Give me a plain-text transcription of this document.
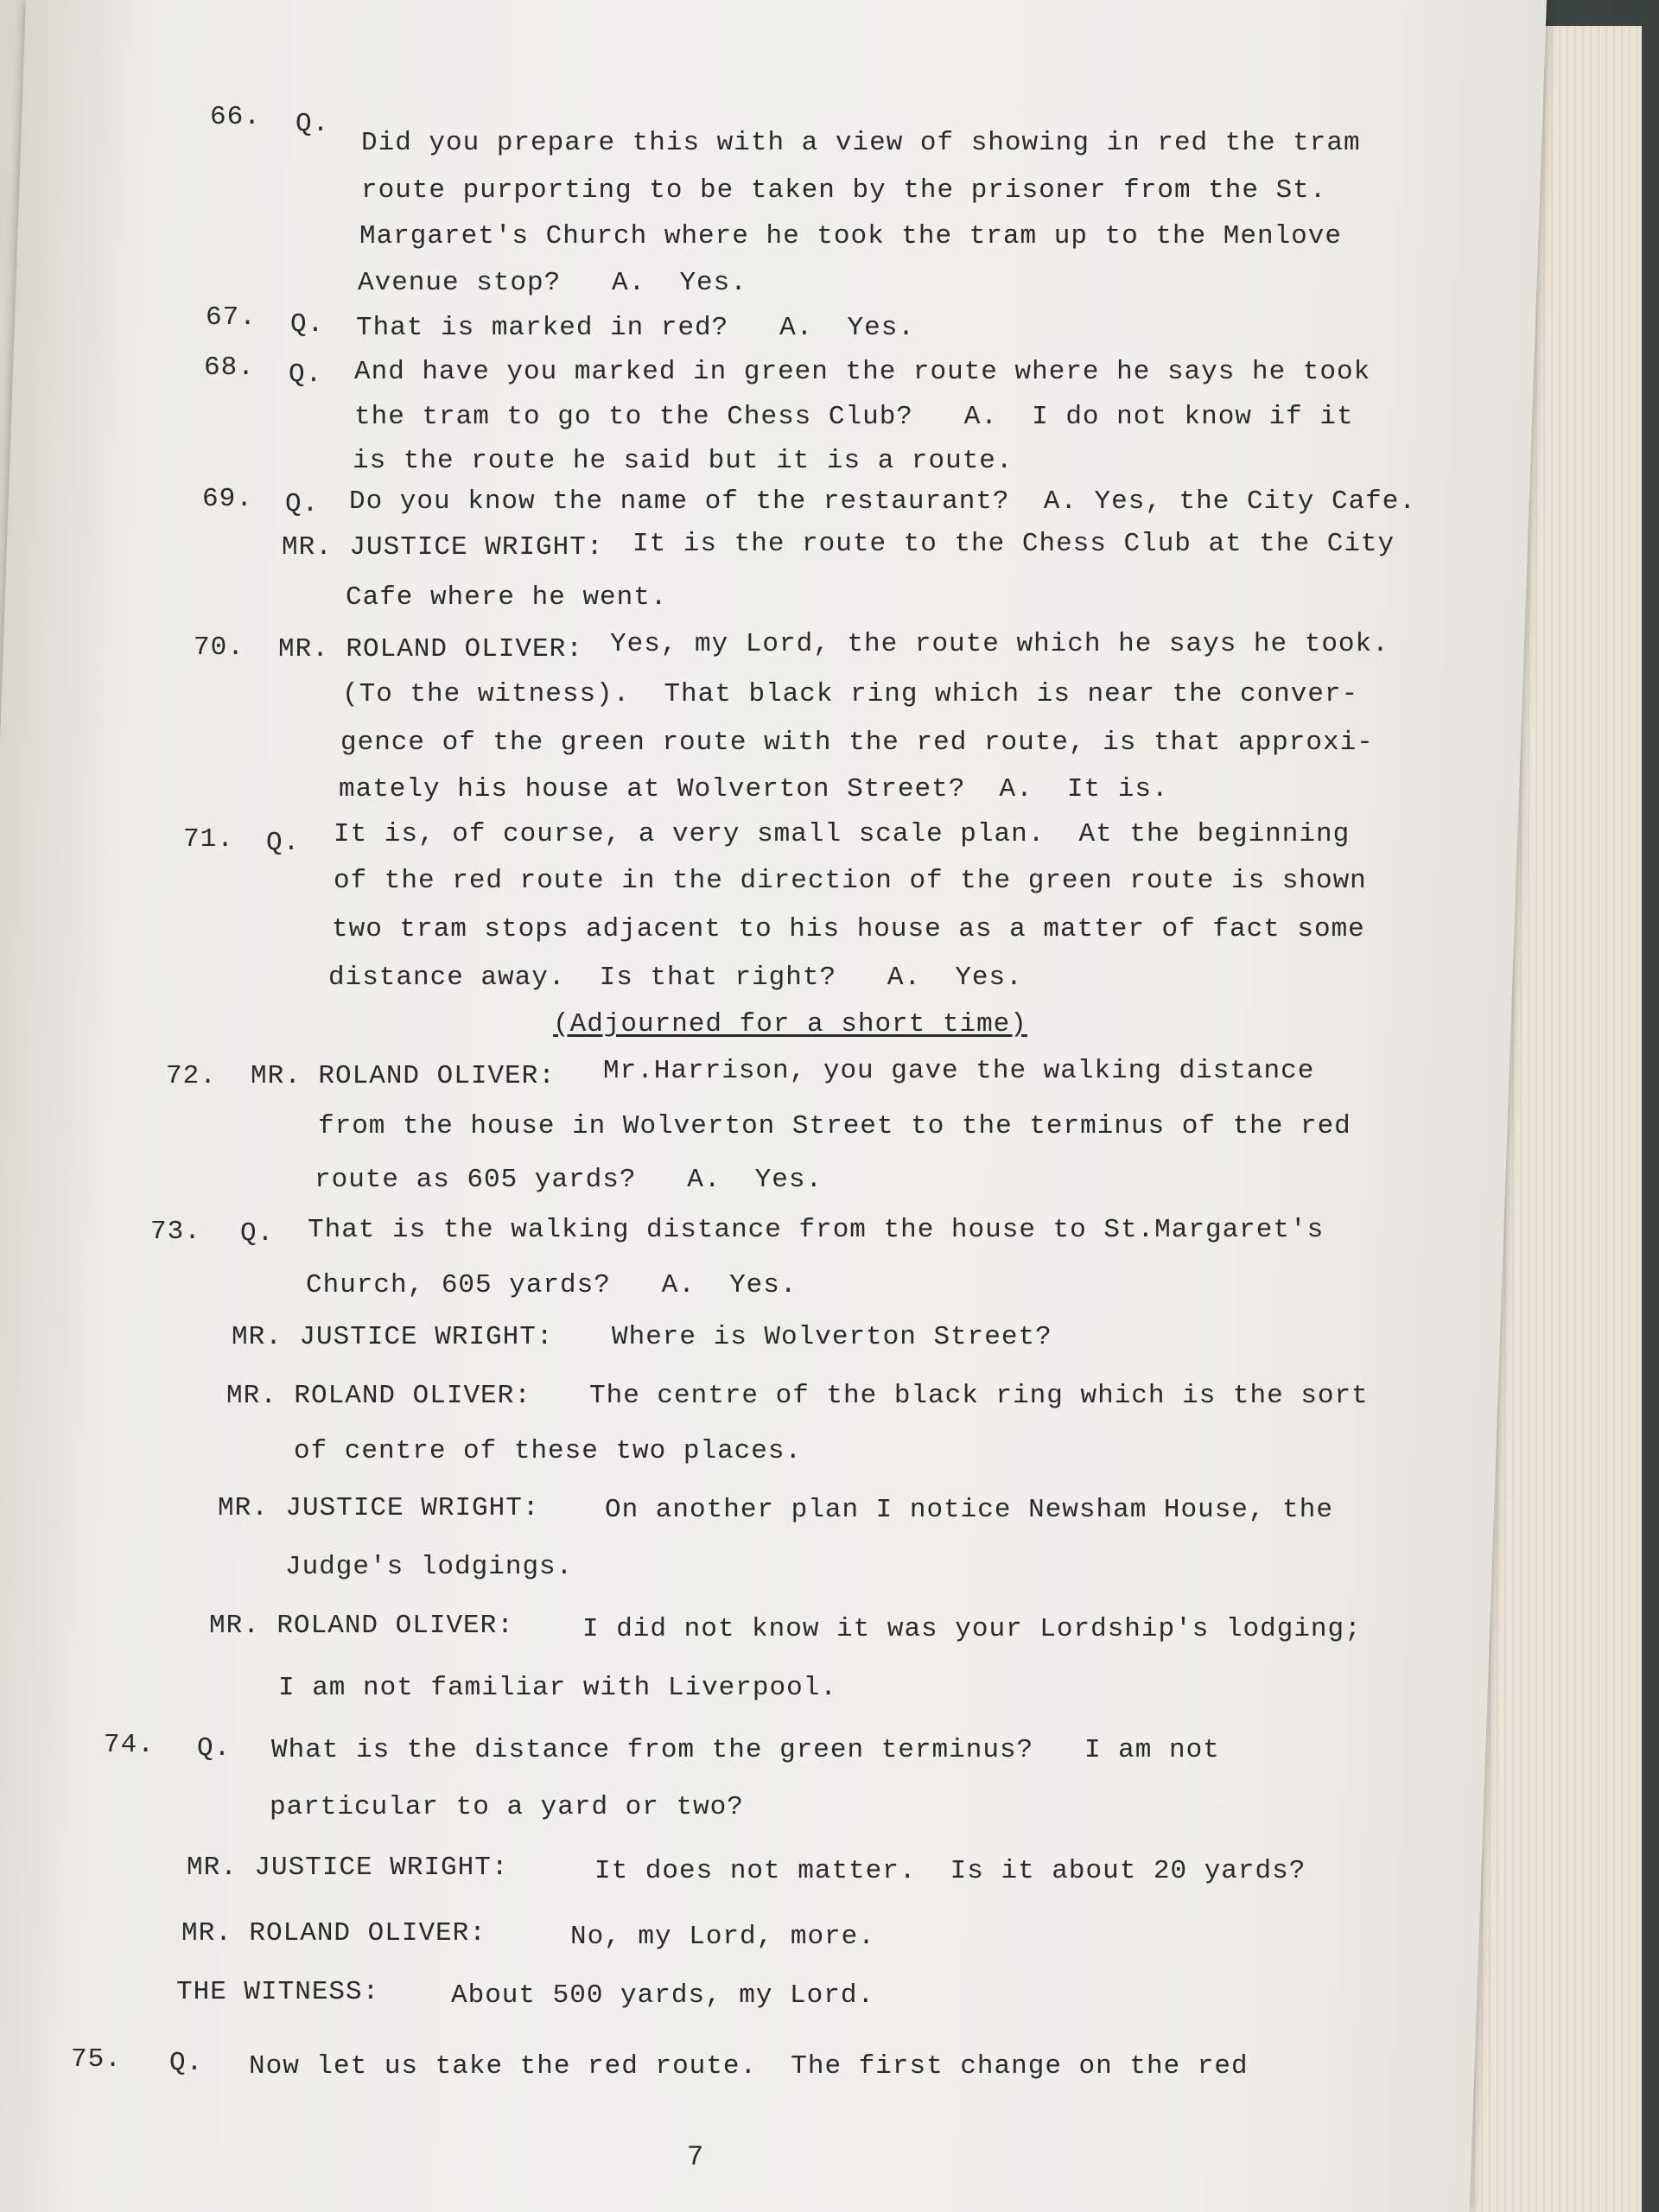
66. Q.
Did you prepare this with a view of showing in red the tram
route purporting to be taken by the prisoner from the St.
Margaret's Church where he took the tram up to the Menlove
Avenue stop?   A.  Yes.
67. Q. That is marked in red?   A.  Yes.
68. Q. And have you marked in green the route where he says he took
the tram to go to the Chess Club?   A.  I do not know if it
is the route he said but it is a route.
69. Q. Do you know the name of the restaurant?  A. Yes, the City Cafe.
MR. JUSTICE WRIGHT: It is the route to the Chess Club at the City
Cafe where he went.
70. MR. ROLAND OLIVER: Yes, my Lord, the route which he says he took.
(To the witness).  That black ring which is near the conver-
gence of the green route with the red route, is that approxi-
mately his house at Wolverton Street?  A.  It is.
71. Q. It is, of course, a very small scale plan.  At the beginning
of the red route in the direction of the green route is shown
two tram stops adjacent to his house as a matter of fact some
distance away.  Is that right?   A.  Yes.
(Adjourned for a short time)
72. MR. ROLAND OLIVER: Mr.Harrison, you gave the walking distance
from the house in Wolverton Street to the terminus of the red
route as 605 yards?   A.  Yes.
73. Q. That is the walking distance from the house to St.Margaret's
Church, 605 yards?   A.  Yes.
MR. JUSTICE WRIGHT: Where is Wolverton Street?
MR. ROLAND OLIVER: The centre of the black ring which is the sort
of centre of these two places.
MR. JUSTICE WRIGHT: On another plan I notice Newsham House, the
Judge's lodgings.
MR. ROLAND OLIVER:	I did not know it was your Lordship's lodging;
I am not familiar with Liverpool.
74. Q. What is the distance from the green terminus?   I am not
particular to a yard or two?
MR. JUSTICE WRIGHT:	It does not matter.  Is it about 20 yards?
MR. ROLAND OLIVER:	No, my Lord, more.
THE WITNESS:	About 500 yards, my Lord.
75. Q. Now let us take the red route.  The first change on the red
7
